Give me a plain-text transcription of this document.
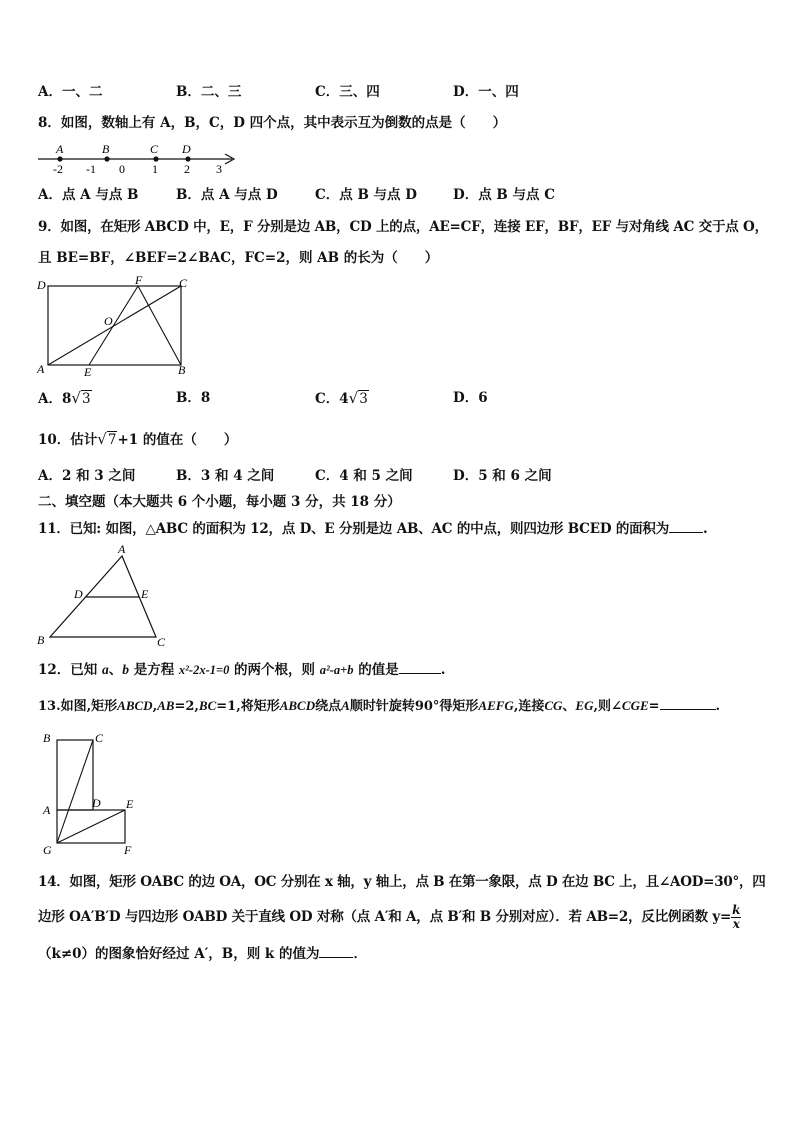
A．一、二	B．二、三	C．三、四	D．一、四
8．如图，数轴上有 A，B，C，D 四个点，其中表示互为倒数的点是（　　）
A	B	C D
-2 -1 0 1 2 3
A．点 A 与点 B	B．点 A 与点 D	C．点 B 与点 D	D．点 B 与点 C
9．如图，在矩形 ABCD 中，E，F 分别是边 AB，CD 上的点，AE=CF，连接 EF，BF，EF 与对角线 AC 交于点 O，
且 BE=BF，∠BEF=2∠BAC，FC=2，则 AB 的长为（　　）
D	F	C
O
A	E	B
A．8√3	B．8	C．4√3	D．6
10．估计√7+1 的值在（　　）
A．2 和 3 之间	B．3 和 4 之间	C．4 和 5 之间	D．5 和 6 之间
二、填空题（本大题共 6 个小题，每小题 3 分，共 18 分）
11．已知: 如图，△ABC 的面积为 12，点 D、E 分别是边 AB、AC 的中点，则四边形 BCED 的面积为	.
A
D	E
B	C
12．已知 a、b 是方程 x²-2x-1=0 的两个根，则 a²-a+b 的值是	.
13.如图,矩形ABCD,AB=2,BC=1,将矩形ABCD绕点A顺时针旋转90°得矩形AEFG,连接CG、EG,则∠CGE=	.
B	C
A	D E
G	F
14．如图，矩形 OABC 的边 OA，OC 分别在 x 轴，y 轴上，点 B 在第一象限，点 D 在边 BC 上，且∠AOD=30°，四
边形 OA′B′D 与四边形 OABD 关于直线 OD 对称（点 A′和 A，点 B′和 B 分别对应）．若 AB=2，反比例函数 $y= \frac{k}{x}$
（k≠0）的图象恰好经过 A′，B，则 k 的值为	．
